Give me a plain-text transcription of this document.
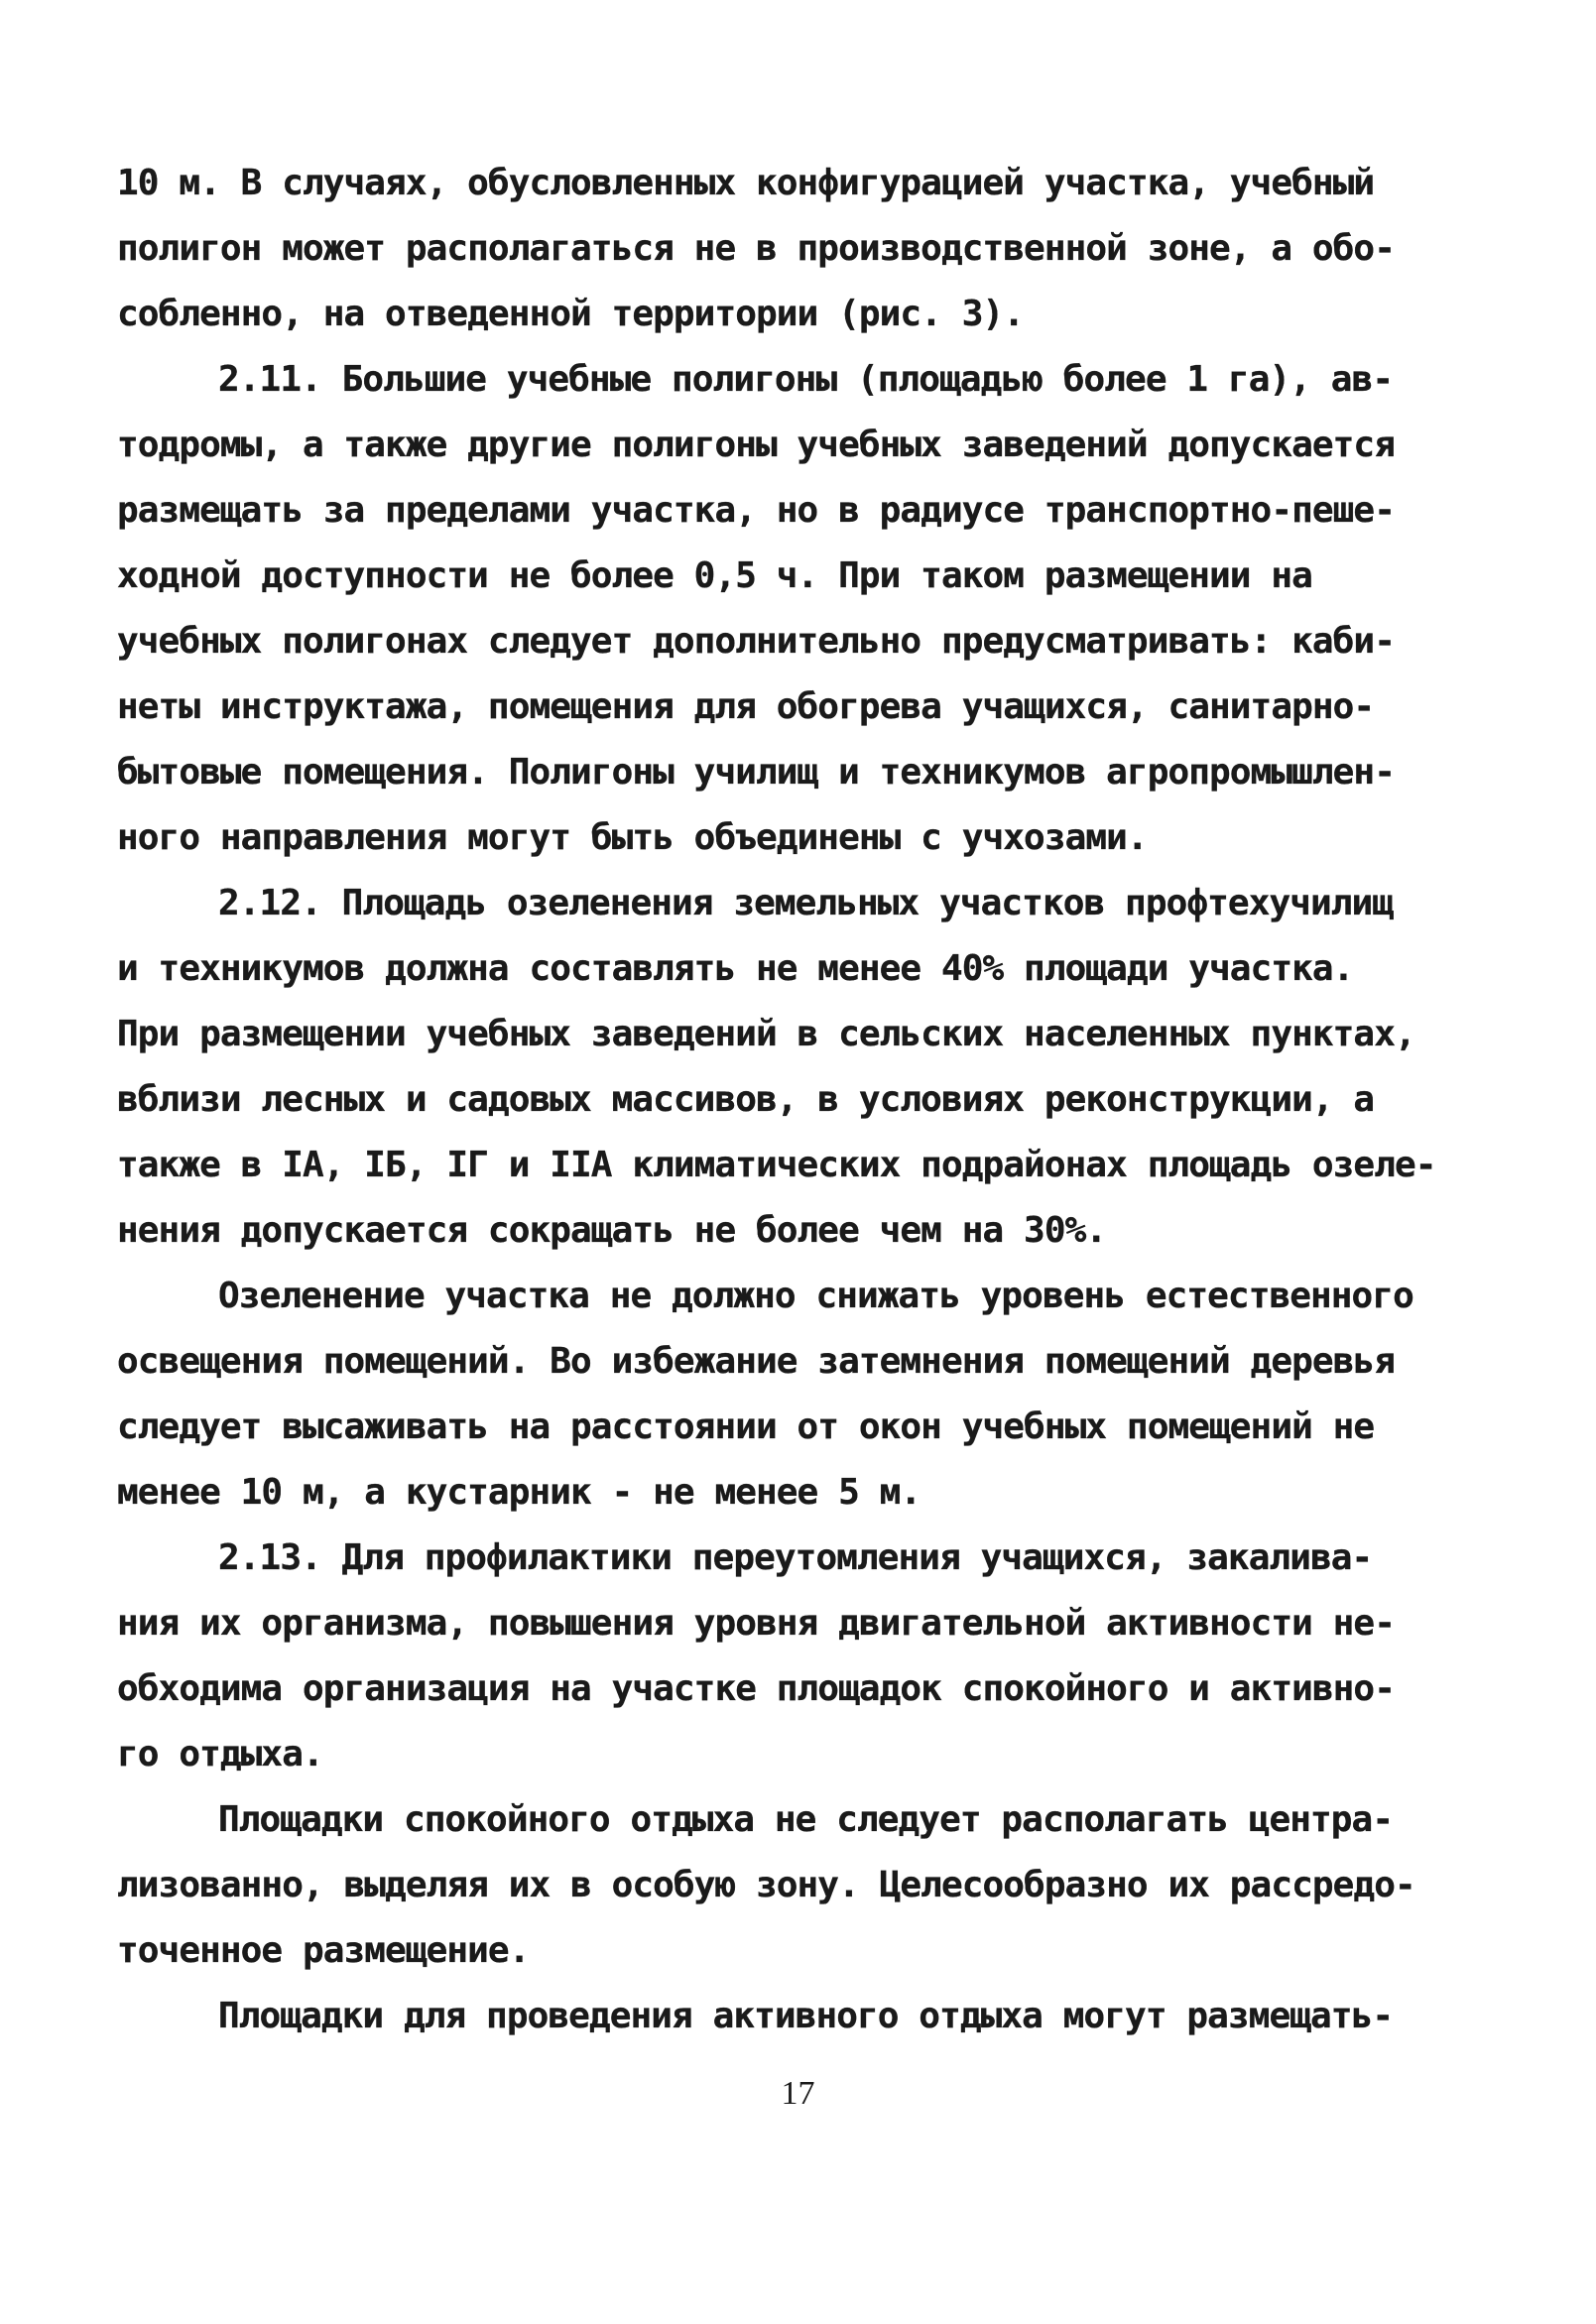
10 м. В случаях, обусловленных конфигурацией участка, учебный
полигон может располагаться не в производственной зоне, а обо-
собленно, на отведенной территории (рис. 3).
2.11. Большие учебные полигоны (площадью более 1 га), ав-
тодромы, а также другие полигоны учебных заведений допускается
размещать за пределами участка, но в радиусе транспортно-пеше-
ходной доступности не более 0,5 ч. При таком размещении на
учебных полигонах следует дополнительно предусматривать: каби-
неты инструктажа, помещения для обогрева учащихся, санитарно-
бытовые помещения. Полигоны училищ и техникумов агропромышлен-
ного направления могут быть объединены с учхозами.
2.12. Площадь озеленения земельных участков профтехучилищ
и техникумов должна составлять не менее 40% площади участка.
При размещении учебных заведений в сельских населенных пунктах,
вблизи лесных и садовых массивов, в условиях реконструкции, а
также в IА, IБ, IГ и IIА климатических подрайонах площадь озеле-
нения допускается сокращать не более чем на 30%.
Озеленение участка не должно снижать уровень естественного
освещения помещений. Во избежание затемнения помещений деревья
следует высаживать на расстоянии от окон учебных помещений не
менее 10 м, а кустарник - не менее 5 м.
2.13. Для профилактики переутомления учащихся, закалива-
ния их организма, повышения уровня двигательной активности не-
обходима организация на участке площадок спокойного и активно-
го отдыха.
Площадки спокойного отдыха не следует располагать центра-
лизованно, выделяя их в особую зону. Целесообразно их рассредо-
точенное размещение.
Площадки для проведения активного отдыха могут размещать-
17
